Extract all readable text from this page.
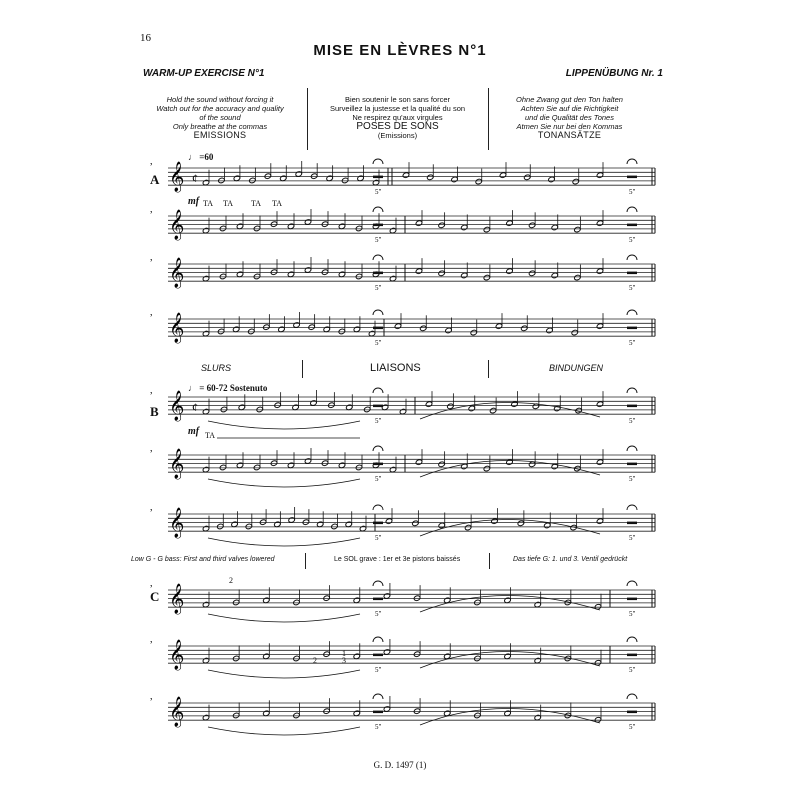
16
MISE EN LÈVRES N°1
WARM-UP EXERCISE N°1	LIPPENÜBUNG Nr. 1
Hold the sound without forcing it
Watch out for the accuracy and quality
of the sound
Only breathe at the commas
EMISSIONS
Bien soutenir le son sans forcer
Surveillez la justesse et la qualité du son
Ne respirez qu'aux virgules
POSES DE SONS
(Emissions)
Ohne Zwang gut den Ton halten
Achten Sie auf die Richtigkeit
und die Qualität des Tones
Atmen Sie nur bei den Kommas
TONANSÄTZE
A
♩ =60
mf TA TA TA TA
SLURS	LIAISONS	BINDUNGEN
B
♩ = 60-72 Sostenuto
mf TA
Low G - G bass: First and third valves lowered	Le SOL grave : 1er et 3e pistons baissés	Das tiefe G: 1. und 3. Ventil gedrückt
C
2
2
1
3
G. D. 1497 (1)
𝄞
,
¢
5"	5"
𝄞
,
5"	5"
𝄞
,
5"	5"
𝄞
,
5"	5"
𝄞
,
¢
5"	5"
𝄞
,
5"	5"
𝄞
,
5"	5"
𝄞
,
5"	5"
𝄞
,
5"	5"
𝄞
,
5"	5"
